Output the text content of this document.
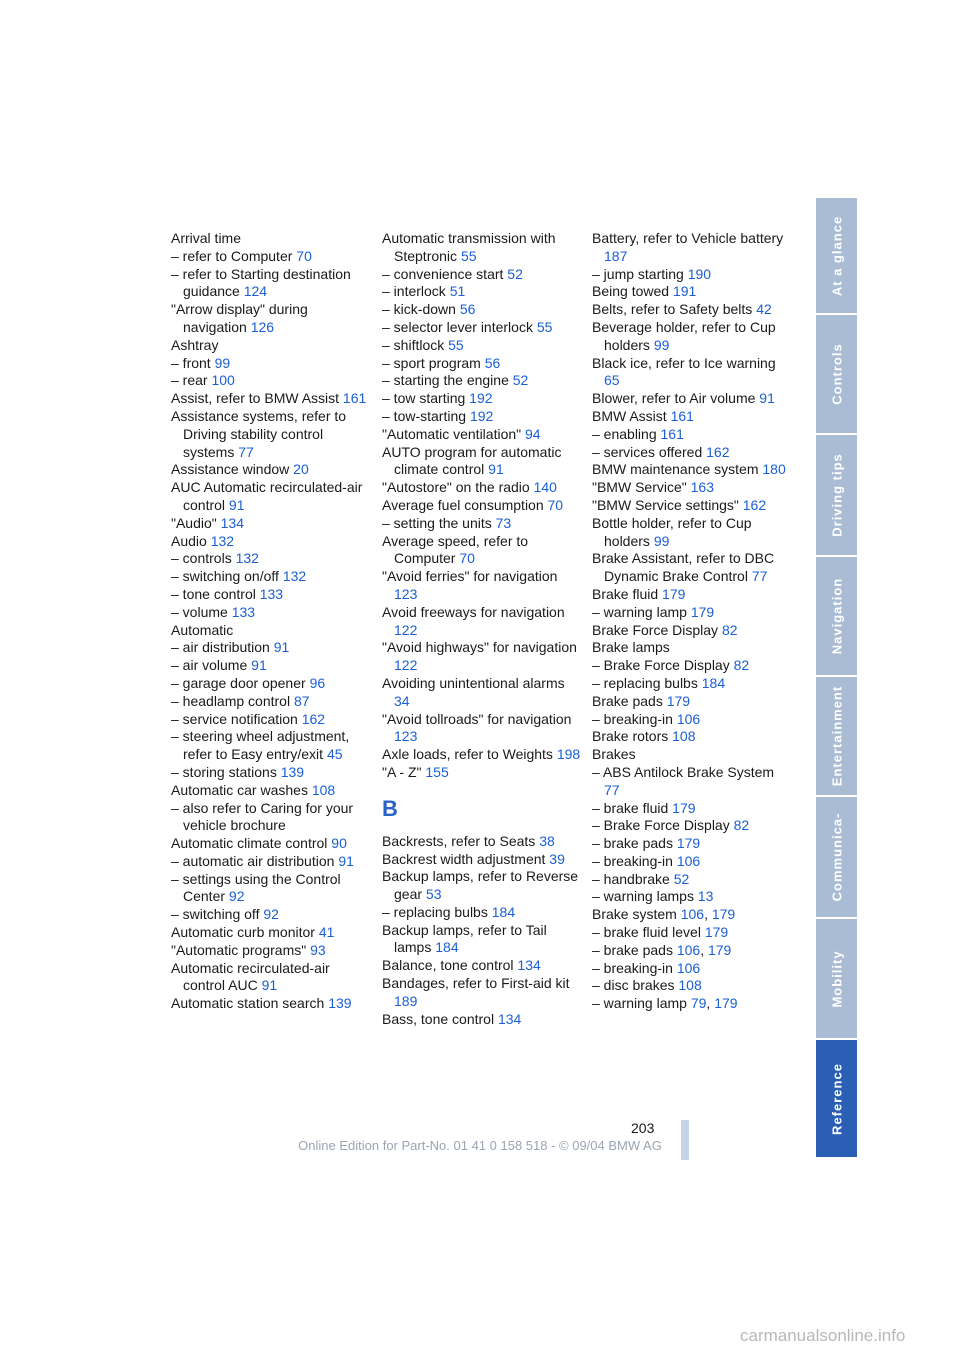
Arrival time
– refer to Computer 70
– refer to Starting destination guidance 124
"Arrow display" during navigation 126
Ashtray
– front 99
– rear 100
Assist, refer to BMW Assist 161
Assistance systems, refer to Driving stability control systems 77
Assistance window 20
AUC Automatic recirculated-air control 91
"Audio" 134
Audio 132
– controls 132
– switching on/off 132
– tone control 133
– volume 133
Automatic
– air distribution 91
– air volume 91
– garage door opener 96
– headlamp control 87
– service notification 162
– steering wheel adjustment, refer to Easy entry/exit 45
– storing stations 139
Automatic car washes 108
– also refer to Caring for your vehicle brochure
Automatic climate control 90
– automatic air distribution 91
– settings using the Control Center 92
– switching off 92
Automatic curb monitor 41
"Automatic programs" 93
Automatic recirculated-air control AUC 91
Automatic station search 139
Automatic transmission with Steptronic 55
– convenience start 52
– interlock 51
– kick-down 56
– selector lever interlock 55
– shiftlock 55
– sport program 56
– starting the engine 52
– tow starting 192
– tow-starting 192
"Automatic ventilation" 94
AUTO program for automatic climate control 91
"Autostore" on the radio 140
Average fuel consumption 70
– setting the units 73
Average speed, refer to Computer 70
"Avoid ferries" for navigation 123
Avoid freeways for navigation 122
"Avoid highways" for navigation 122
Avoiding unintentional alarms 34
"Avoid tollroads" for navigation 123
Axle loads, refer to Weights 198
"A - Z" 155
B
Backrests, refer to Seats 38
Backrest width adjustment 39
Backup lamps, refer to Reverse gear 53
– replacing bulbs 184
Backup lamps, refer to Tail lamps 184
Balance, tone control 134
Bandages, refer to First-aid kit 189
Bass, tone control 134
Battery, refer to Vehicle battery 187
– jump starting 190
Being towed 191
Belts, refer to Safety belts 42
Beverage holder, refer to Cup holders 99
Black ice, refer to Ice warning 65
Blower, refer to Air volume 91
BMW Assist 161
– enabling 161
– services offered 162
BMW maintenance system 180
"BMW Service" 163
"BMW Service settings" 162
Bottle holder, refer to Cup holders 99
Brake Assistant, refer to DBC Dynamic Brake Control 77
Brake fluid 179
– warning lamp 179
Brake Force Display 82
Brake lamps
– Brake Force Display 82
– replacing bulbs 184
Brake pads 179
– breaking-in 106
Brake rotors 108
Brakes
– ABS Antilock Brake System 77
– brake fluid 179
– Brake Force Display 82
– brake pads 179
– breaking-in 106
– handbrake 52
– warning lamps 13
Brake system 106, 179
– brake fluid level 179
– brake pads 106, 179
– breaking-in 106
– disc brakes 108
– warning lamp 79, 179
At a glance
Controls
Driving tips
Navigation
Entertainment
Communica-
Mobility
Reference
203
Online Edition for Part-No. 01 41 0 158 518 - © 09/04 BMW AG
carmanualsonline.info
